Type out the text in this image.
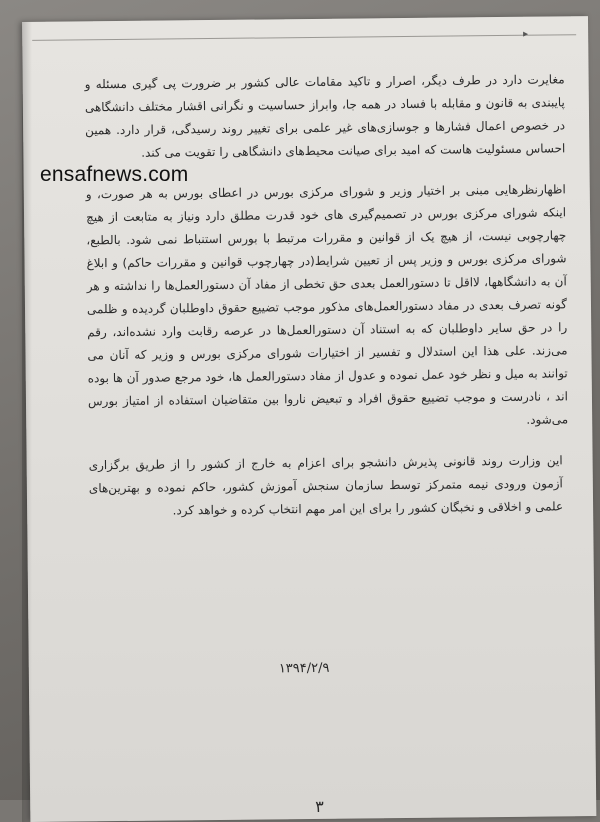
▸

مغایرت دارد در طرف دیگر، اصرار و تاکید مقامات عالی کشور بر ضرورت پی گیری مسئله و پایبندی به قانون و مقابله با فساد در همه جا، وابراز حساسیت و نگرانی اقشار مختلف دانشگاهی در خصوص اعمال فشارها و جوسازی‌های غیر علمی برای تغییر روند رسیدگی، قرار دارد. همین احساس مسئولیت هاست که امید برای صیانت محیط‌های دانشگاهی را تقویت می کند.

اظهارنظرهایی مبنی بر اختیار وزیر و شورای مرکزی بورس در اعطای بورس به هر صورت، و اینکه شورای مرکزی بورس در تصمیم‌گیری های خود قدرت مطلق دارد ونیاز به متابعت از هیچ چهارچوبی نیست، از هیچ یک از قوانین و مقررات مرتبط با بورس استنباط نمی شود. بالطبع، شورای مرکزی بورس و وزیر پس از تعیین شرایط(در چهارچوب قوانین و مقررات حاکم) و ابلاغ آن به دانشگاهها، لااقل تا دستورالعمل بعدی حق تخطی از مفاد آن دستورالعمل‌ها را نداشته و هر گونه تصرف بعدی در مفاد دستورالعمل‌های مذکور موجب تضییع حقوق داوطلبان گردیده و ظلمی را در حق سایر داوطلبان که به استناد آن دستورالعمل‌ها در عرصه رقابت وارد نشده‌اند، رقم می‌زند. علی هذا این استدلال و تفسیر از اختیارات شورای مرکزی بورس و وزیر که آنان می توانند به میل و نظر خود عمل نموده و عدول از مفاد دستورالعمل ها، خود مرجع صدور آن ها بوده اند ، نادرست و موجب تضییع حقوق افراد و تبعیض ناروا بین متقاضیان استفاده از امتیاز بورس می‌شود.

این وزارت روند قانونی پذیرش دانشجو برای اعزام به خارج از کشور را از طریق برگزاری آزمون ورودی نیمه متمرکز توسط سازمان سنجش آموزش کشور، حاکم نموده و بهترین‌های علمی و اخلاقی و نخبگان کشور را برای این امر مهم انتخاب کرده و خواهد کرد.

۱۳۹۴/۲/۹
۳
ensafnews.com
